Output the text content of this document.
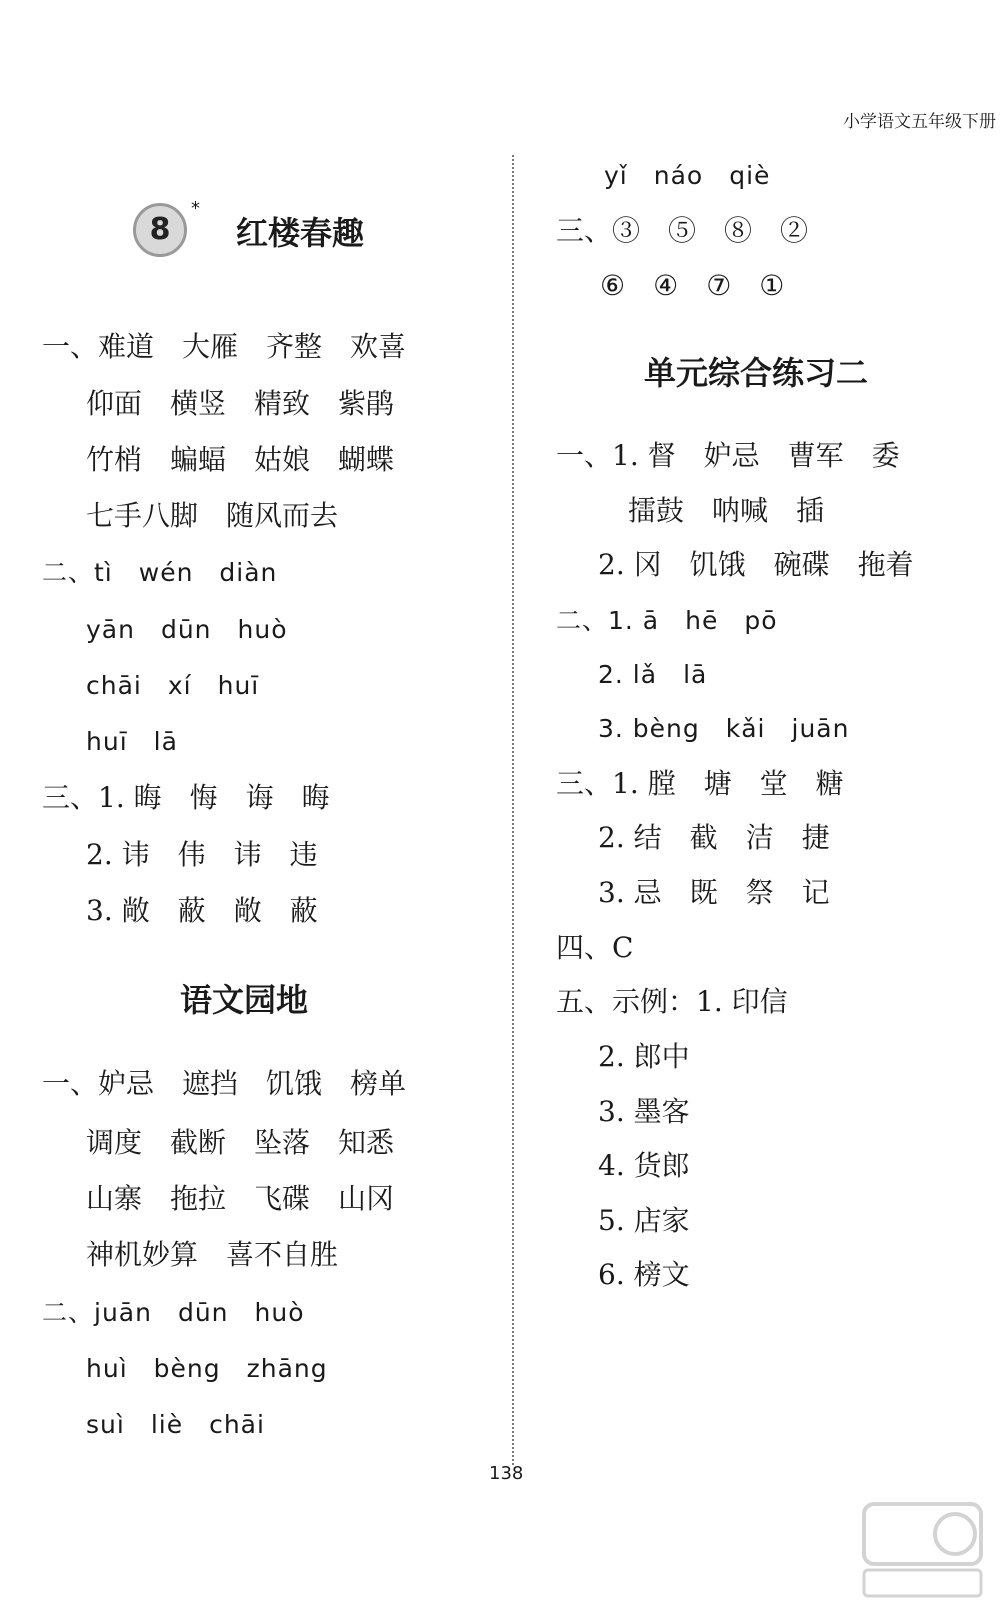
小学语文五年级下册
8
*
红楼春趣
一、难道　大雁　齐整　欢喜
仰面　横竖　精致　紫鹃
竹梢　蝙蝠　姑娘　蝴蝶
七手八脚　随风而去
二、tì　wén　diàn
yān　dūn　huò
chāi　xí　huī
huī　lā
三、1. 晦　悔　诲　晦
2. 讳　伟　讳　违
3. 敞　蔽　敞　蔽
语文园地
一、妒忌　遮挡　饥饿　榜单
调度　截断　坠落　知悉
山寨　拖拉　飞碟　山冈
神机妙算　喜不自胜
二、juān　dūn　huò
huì　bèng　zhāng
suì　liè　chāi
yǐ　náo　qiè
三、③　⑤　⑧　②
⑥　④　⑦　①
单元综合练习二
一、1. 督　妒忌　曹军　委
擂鼓　呐喊　插
2. 冈　饥饿　碗碟　拖着
二、1. ā　hē　pō
2. lǎ　lā
3. bèng　kǎi　juān
三、1. 膛　塘　堂　糖
2. 结　截　洁　捷
3. 忌　既　祭　记
四、C
五、示例：1. 印信
2. 郎中
3. 墨客
4. 货郎
5. 店家
6. 榜文
138
